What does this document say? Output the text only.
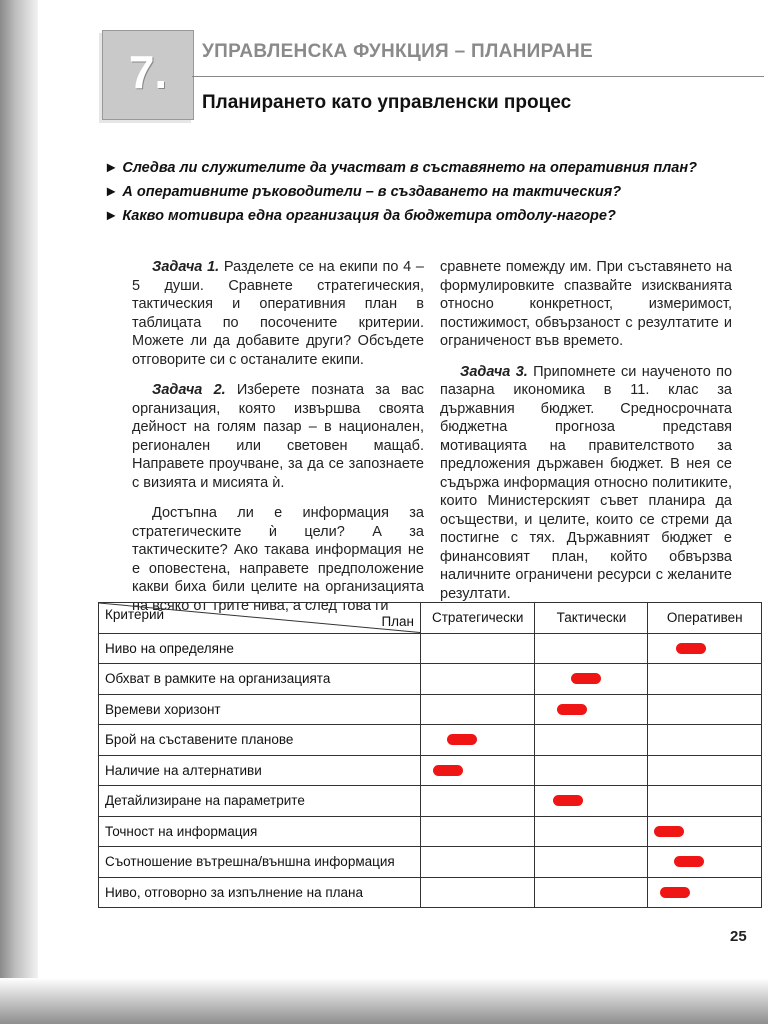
7.	УПРАВЛЕНСКА ФУНКЦИЯ – ПЛАНИРАНЕ
Планирането като управленски процес
► Следва ли служителите да участват в съставянето на оперативния план?
► А оперативните ръководители – в създаването на тактическия?
► Какво мотивира една организация да бюджетира отдолу-нагоре?

Задача 1. Разделете се на екипи по 4 – 5 души. Сравнете стратегическия, тактическия и оперативния план в таблицата по посочените критерии. Можете ли да добавите други? Обсъдете отговорите си с останалите екипи.

Задача 2. Изберете позната за вас организация, която извършва своята дейност на голям пазар – в национален, регионален или световен мащаб. Направете проучване, за да се запознаете с визията и мисията ѝ.

Достъпна ли е информация за стратегическите ѝ цели? А за тактическите? Ако такава информация не е оповестена, направете предположение какви биха били целите на организацията на всяко от трите нива, а след това ги

сравнете помежду им. При съставянето на формулировките спазвайте изискванията относно конкретност, измеримост, постижимост, обвързаност с резултатите и ограниченост във времето.

Задача 3. Припомнете си наученото по пазарна икономика в 11. клас за държавния бюджет. Средносрочната бюджетна прогноза представя мотивацията на правителството за предложения държавен бюджет. В нея се съдържа информация относно политиките, които Министерският съвет планира да осъществи, и целите, които се стреми да постигне с тях. Държавният бюджет е финансовият план, който обвързва наличните ограничени ресурси с желаните резултати.

Критерий План	Стратегически	Тактически	Оперативен
Ниво на определяне			

Обхват в рамките на организацията		

Времеви хоризонт		

Брой на съставените планове	

Наличие на алтернативи	

Детайлизиране на параметрите		

Точност на информация			

Съотношение вътрешна/външна информация			

Ниво, отговорно за изпълнение на плана			
25
